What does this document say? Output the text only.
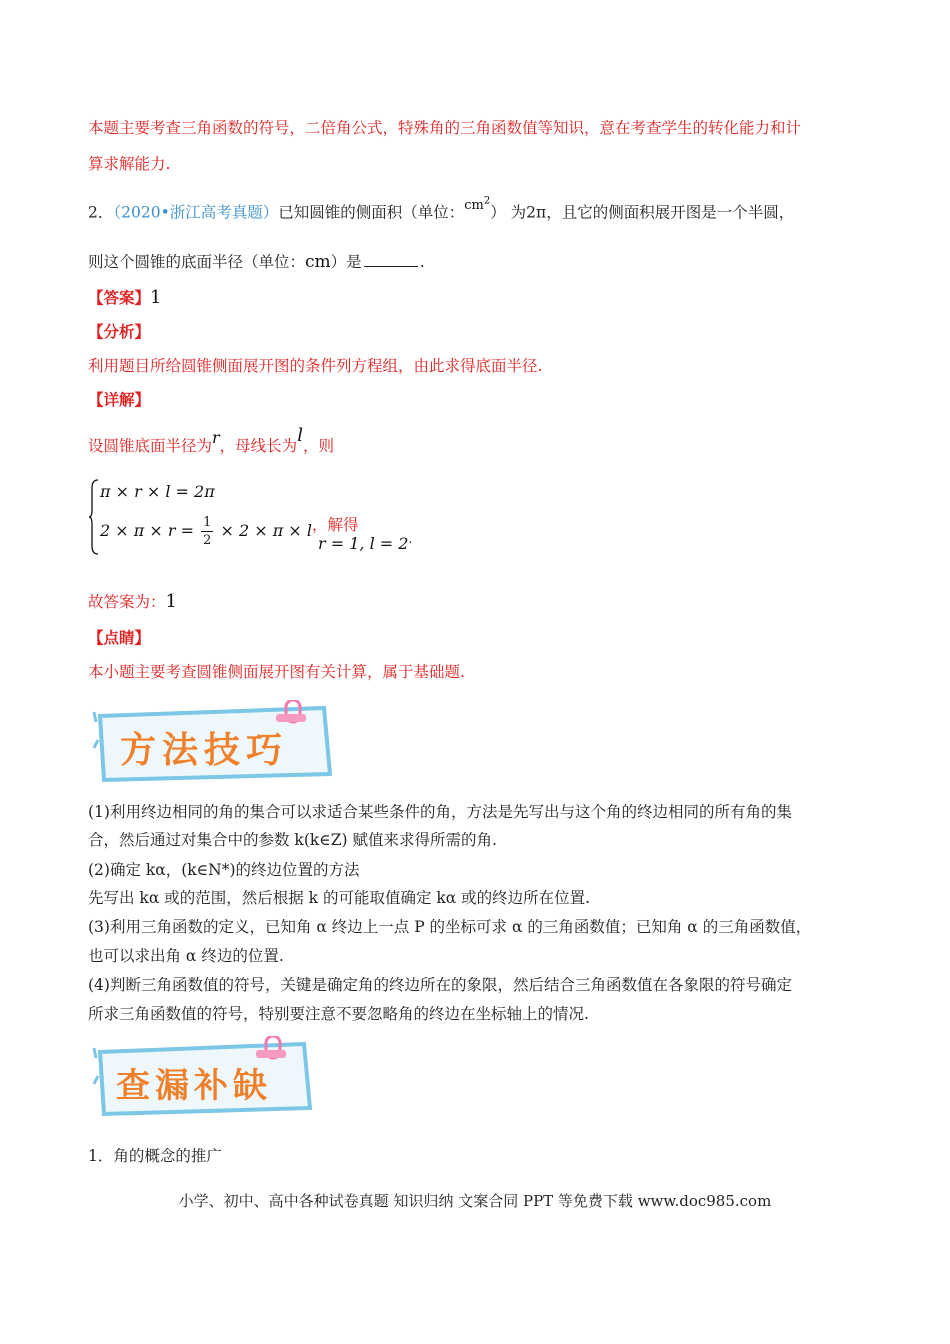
本题主要考查三角函数的符号，二倍角公式，特殊角的三角函数值等知识，意在考查学生的转化能力和计
算求解能力.
2．（2020•浙江高考真题）已知圆锥的侧面积（单位：$^{cm^2}$） 为2π，且它的侧面积展开图是一个半圆，
则这个圆锥的底面半径（单位：cm）是	.
【答案】1
【分析】
利用题目所给圆锥侧面展开图的条件列方程组，由此求得底面半径.
【详解】
设圆锥底面半径为r，母线长为l，则
π × r × l = 2π
$2 \times \pi \times r = \frac{1}{2} \times 2 \times \pi \times l$，解得
r = 1, l = 2.
故答案为：1
【点睛】
本小题主要考查圆锥侧面展开图有关计算，属于基础题.
方法技巧
(1)利用终边相同的角的集合可以求适合某些条件的角，方法是先写出与这个角的终边相同的所有角的集
合，然后通过对集合中的参数 k(k∈Z) 赋值来求得所需的角.
(2)确定 kα，(k∈N*)的终边位置的方法
先写出 kα 或的范围，然后根据 k 的可能取值确定 kα 或的终边所在位置.
(3)利用三角函数的定义，已知角 α 终边上一点 P 的坐标可求 α 的三角函数值；已知角 α 的三角函数值，
也可以求出角 α 终边的位置.
(4)判断三角函数值的符号，关键是确定角的终边所在的象限，然后结合三角函数值在各象限的符号确定
所求三角函数值的符号，特别要注意不要忽略角的终边在坐标轴上的情况.
查漏补缺
1．角的概念的推广
小学、初中、高中各种试卷真题 知识归纳 文案合同 PPT 等免费下载 www.doc985.com
